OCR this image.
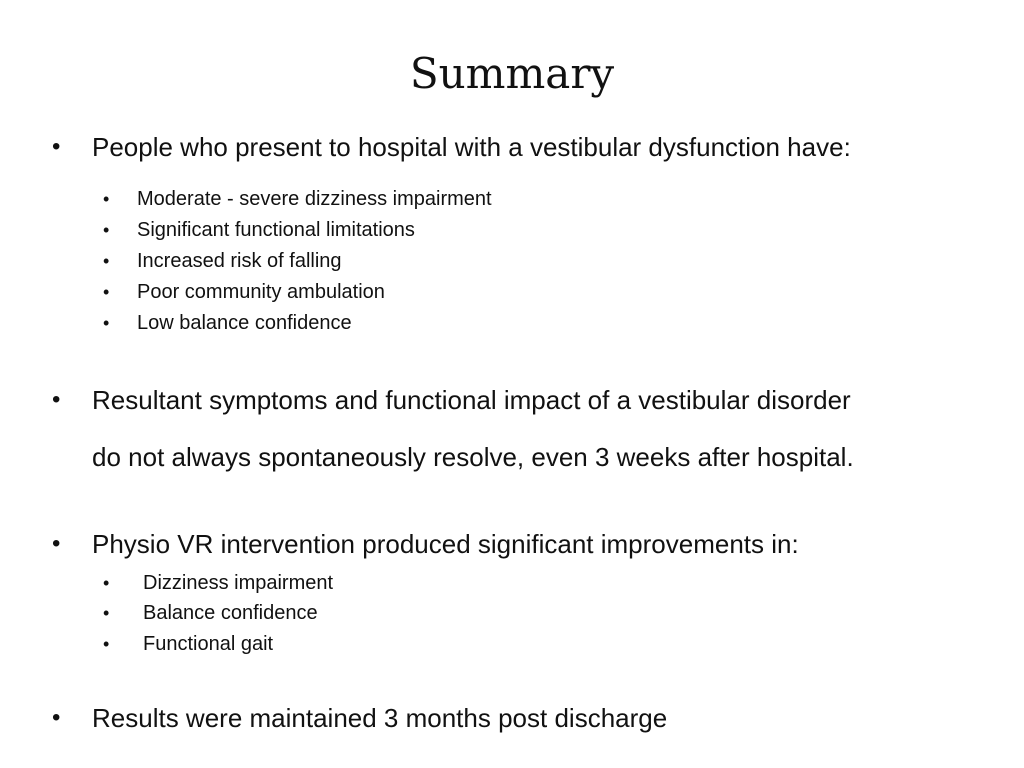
Summary
• People who present to hospital with a vestibular dysfunction have:
• Moderate - severe dizziness impairment
• Significant functional limitations
• Increased risk of falling
• Poor community ambulation
• Low balance confidence
• Resultant symptoms and functional impact of a vestibular disorder
do not always spontaneously resolve, even 3 weeks after hospital.
• Physio VR intervention produced significant improvements in:
• Dizziness impairment
• Balance confidence
• Functional gait
• Results were maintained 3 months post discharge
